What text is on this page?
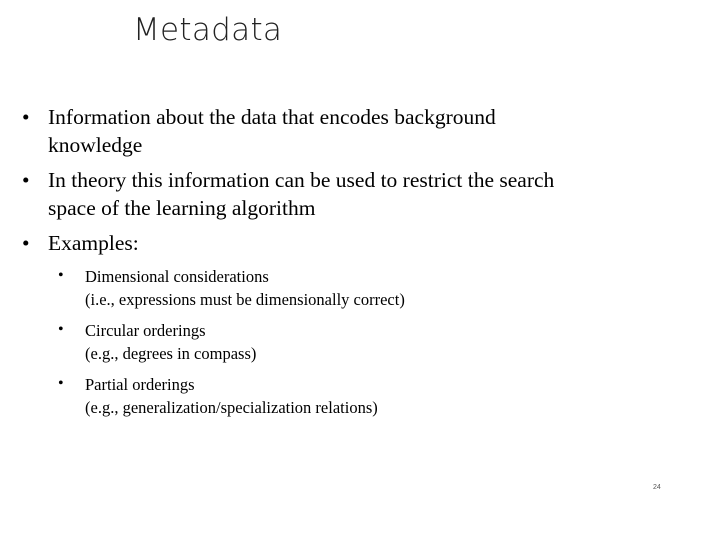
Metadata
• Information about the data that encodes background
knowledge
• In theory this information can be used to restrict the search
space of the learning algorithm
• Examples:
• Dimensional considerations
(i.e., expressions must be dimensionally correct)
• Circular orderings
(e.g., degrees in compass)
• Partial orderings
(e.g., generalization/specialization relations)
24
